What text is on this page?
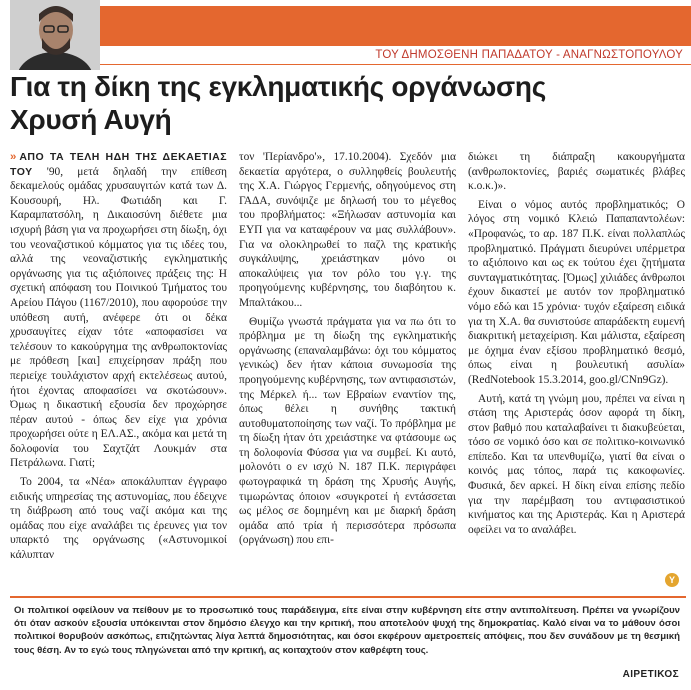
ΤΟΥ ΔΗΜΟΣΘΕΝΗ ΠΑΠΑΔΑΤΟΥ - ΑΝΑΓΝΩΣΤΟΠΟΥΛΟΥ
Για τη δίκη της εγκληματικής οργάνωσης Χρυσή Αυγή

» ΑΠΟ ΤΑ ΤΕΛΗ ΗΔΗ ΤΗΣ ΔΕΚΑΕΤΙΑΣ ΤΟΥ '90, μετά δηλαδή την επίθεση δεκαμελούς ομάδας χρυσαυγιτών κατά των Δ. Κουσουρή, Ηλ. Φωτιάδη και Γ. Καραμπατσόλη, η Δικαιοσύνη διέθετε μια ισχυρή βάση για να προχωρήσει στη δίωξη, όχι του νεοναζιστικού κόμματος για τις ιδέες του, αλλά της νεοναζιστικής εγκληματικής οργάνωσης για τις αξιόποινες πράξεις της: Η σχετική απόφαση του Ποινικού Τμήματος του Αρείου Πάγου (1167/2010), που αφορούσε την υπόθεση αυτή, ανέφερε ότι οι δέκα χρυσαυγίτες είχαν τότε «αποφασίσει να τελέσουν το κακούργημα της ανθρωποκτονίας με πρόθεση [και] επιχείρησαν πράξη που περιείχε τουλάχιστον αρχή εκτελέσεως αυτού, ήτοι έχοντας αποφασίσει να σκοτώσουν». Όμως η δικαστική εξουσία δεν προχώρησε πέραν αυτού - όπως δεν είχε για χρόνια προχωρήσει ούτε η ΕΛ.ΑΣ., ακόμα και μετά τη δολοφονία του Σαχτζάτ Λουκμάν στα Πετράλωνα. Γιατί;

Το 2004, τα «Νέα» αποκάλυπταν έγγραφο ειδικής υπηρεσίας της αστυνομίας, που έδειχνε τη διάβρωση από τους ναζί ακόμα και της ομάδας που είχε αναλάβει τις έρευνες για τον υπαρκτό της οργάνωσης («Αστυνομικοί κάλυπταν

τον 'Περίανδρο'», 17.10.2004). Σχεδόν μια δεκαετία αργότερα, ο συλληφθείς βουλευτής της Χ.Α. Γιώργος Γερμενής, οδηγούμενος στη ΓΑΔΑ, συνόψιζε με δηλωσή του το μέγεθος του προβλήματος: «Ξήλωσαν αστυνομία και ΕΥΠ για να καταφέρουν να μας συλλάβουν». Για να ολοκληρωθεί το παζλ της κρατικής συγκάλυψης, χρειάστηκαν μόνο οι αποκαλύψεις για τον ρόλο του γ.γ. της προηγούμενης κυβέρνησης, του διαβόητου κ. Μπαλτάκου...

Θυμίζω γνωστά πράγματα για να πω ότι το πρόβλημα με τη δίωξη της εγκληματικής οργάνωσης (επαναλαμβάνω: όχι του κόμματος γενικώς) δεν ήταν κάποια συνωμοσία της προηγούμενης κυβέρνησης, των αντιφασιστών, της Μέρκελ ή... των Εβραίων εναντίον της, όπως θέλει η συνήθης τακτική αυτοθυματοποίησης των ναζί. Το πρόβλημα με τη δίωξη ήταν ότι χρειάστηκε να φτάσουμε ως τη δολοφονία Φύσσα για να συμβεί. Κι αυτό, μολονότι ο εν ισχύ Ν. 187 Π.Κ. περιγράφει φωτογραφικά τη δράση της Χρυσής Αυγής, τιμωρώντας όποιον «συγκροτεί ή εντάσσεται ως μέλος σε δομημένη και με διαρκή δράση ομάδα από τρία ή περισσότερα πρόσωπα (οργάνωση) που επι-

διώκει τη διάπραξη κακουργήματα (ανθρωποκτονίες, βαριές σωματικές βλάβες κ.ο.κ.)».

Είναι ο νόμος αυτός προβληματικός; Ο λόγος στη νομικό Κλειώ Παπαπαντολέων: «Προφανώς, το αρ. 187 Π.Κ. είναι πολλαπλώς προβληματικό. Πράγματι διευρύνει υπέρμετρα το αξιόποινο και ως εκ τούτου έχει ζητήματα συνταγματικότητας. [Όμως] χιλιάδες άνθρωποι έχουν δικαστεί με αυτόν τον προβληματικό νόμο εδώ και 15 χρόνια· τυχόν εξαίρεση ειδικά για τη Χ.Α. θα συνιστούσε απαράδεκτη ευμενή διακριτική μεταχείριση. Και μάλιστα, εξαίρεση με όχημα έναν εξίσου προβληματικό θεσμό, όπως είναι η βουλευτική ασυλία» (RedNotebook 15.3.2014, goo.gl/CNn9Gz).

Αυτή, κατά τη γνώμη μου, πρέπει να είναι η στάση της Αριστεράς όσον αφορά τη δίκη, στον βαθμό που καταλαβαίνει τι διακυβεύεται, τόσο σε νομικό όσο και σε πολιτικο-κοινωνικό επίπεδο. Και τα υπενθυμίζω, γιατί θα είναι ο κοινός μας τόπος, παρά τις κακοφωνίες. Φυσικά, δεν αρκεί. Η δίκη είναι επίσης πεδίο για την παρέμβαση του αντιφασιστικού κινήματος και της Αριστεράς. Και η Αριστερά οφείλει να το αναλάβει.

Y

Οι πολιτικοί οφείλουν να πείθουν με το προσωπικό τους παράδειγμα, είτε είναι στην κυβέρνηση είτε στην αντιπολίτευση. Πρέπει να γνωρίζουν ότι όταν ασκούν εξουσία υπόκεινται στον δημόσιο έλεγχο και την κριτική, που αποτελούν ψυχή της δημοκρατίας. Καλό είναι να το μάθουν όσοι πολιτικοί θορυβούν ασκόπως, επιζητώντας λίγα λεπτά δημοσιότητας, και όσοι εκφέρουν αμετροεπείς απόψεις, που δεν συνάδουν με τη θεσμική τους θέση. Αν το εγώ τους πληγώνεται από την κριτική, ας κοιταχτούν στον καθρέφτη τους.

ΑΙΡΕΤΙΚΟΣ
